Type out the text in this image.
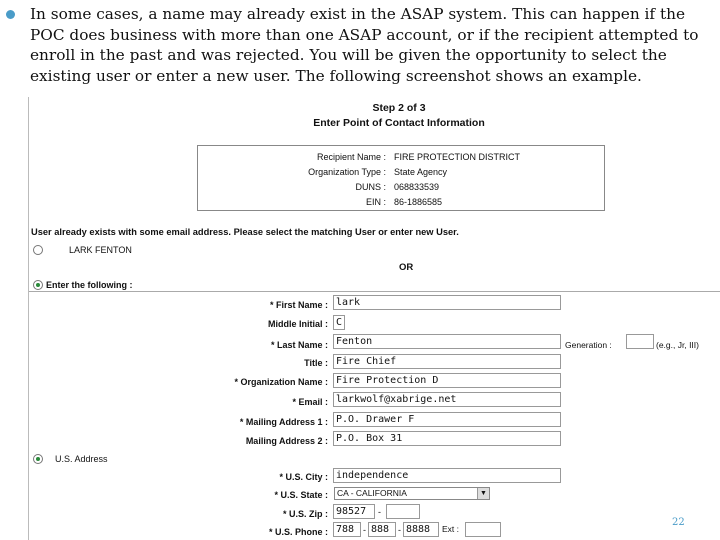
In some cases, a name may already exist in the ASAP system. This can happen if the POC does business with more than one ASAP account, or if the recipient attempted to enroll in the past and was rejected. You will be given the opportunity to select the existing user or enter a new user. The following screenshot shows an example.
Step 2 of 3
Enter Point of Contact Information
Recipient Name : FIRE PROTECTION DISTRICT
Organization Type : State Agency
DUNS : 068833539
EIN : 86-1886585
User already exists with some email address. Please select the matching User or enter new User.
LARK FENTON
OR
Enter the following :
* First Name : lark
Middle Initial : C
* Last Name : Fenton	Generation :	(e.g., Jr, III)
Title : Fire Chief
* Organization Name : Fire Protection D
* Email : larkwolf@xabrige.net
* Mailing Address 1 : P.O. Drawer F
Mailing Address 2 : P.O. Box 31
U.S. Address
* U.S. City : independence
* U.S. State :	CA - CALIFORNIA	▼
* U.S. Zip : 98527	-
* U.S. Phone : 788 - 888 - 8888	Ext :
22
